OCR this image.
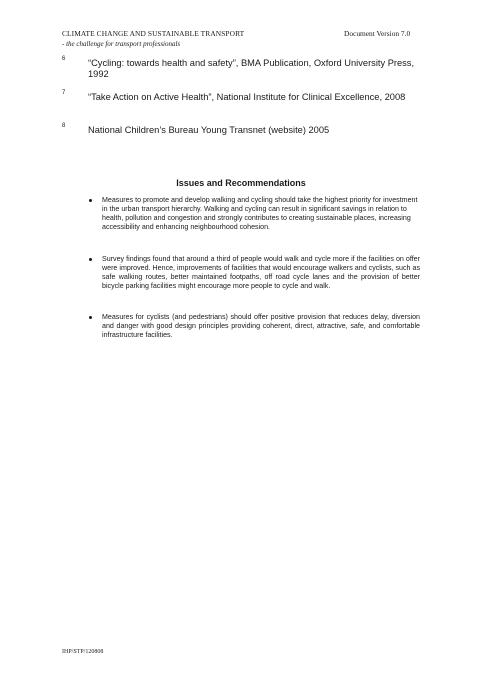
CLIMATE CHANGE AND SUSTAINABLE TRANSPORT
- the challenge for transport professionals
Document Version 7.0
6 “Cycling: towards health and safety”, BMA Publication, Oxford University Press, 1992
7 “Take Action on Active Health”, National Institute for Clinical Excellence, 2008
8 National Children’s Bureau Young Transnet (website) 2005
Issues and Recommendations
Measures to promote and develop walking and cycling should take the highest priority for investment in the urban transport hierarchy. Walking and cycling can result in significant savings in relation to health, pollution and congestion and strongly contributes to creating sustainable places, increasing accessibility and enhancing neighbourhood cohesion.
Survey findings found that around a third of people would walk and cycle more if the facilities on offer were improved. Hence, improvements of facilities that would encourage walkers and cyclists, such as safe walking routes, better maintained footpaths, off road cycle lanes and the provision of better bicycle parking facilities might encourage more people to cycle and walk.
Measures for cyclists (and pedestrians) should offer positive provision that reduces delay, diversion and danger with good design principles providing coherent, direct, attractive, safe, and comfortable infrastructure facilities.
IHP/STP/120808
